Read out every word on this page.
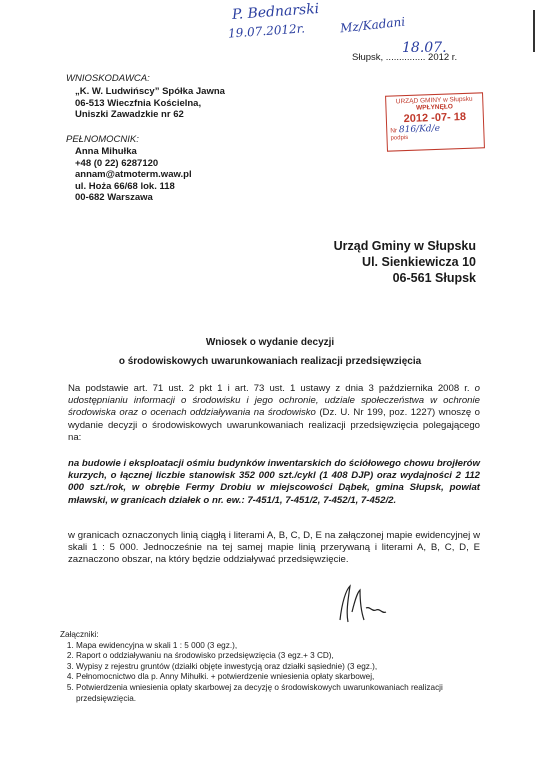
P. Bednarski
19.07.2012r.	Mz/Kadani
Słupsk, ............... 2012 r.
18.07.
WNIOSKODAWCA:
„K. W. Ludwińscy” Spółka Jawna
06-513 Wieczfnia Kościelna,
Uniszki Zawadzkie nr 62
PEŁNOMOCNIK:
Anna Mihułka
+48 (0 22) 6287120
annam@atmoterm.waw.pl
ul. Hoża 66/68 lok. 118
00-682 Warszawa
URZĄD GMINY w Słupsku
WPŁYNĘŁO
2012 -07- 18
Nr 816/Kd/e
podpis
Urząd Gminy w Słupsku
Ul. Sienkiewicza 10
06-561 Słupsk
Wniosek o wydanie decyzji
o środowiskowych uwarunkowaniach realizacji przedsięwzięcia
Na podstawie art. 71 ust. 2 pkt 1 i art. 73 ust. 1 ustawy z dnia 3 października 2008 r. o udostępnianiu informacji o środowisku i jego ochronie, udziale społeczeństwa w ochronie środowiska oraz o ocenach oddziaływania na środowisko (Dz. U. Nr 199, poz. 1227) wnoszę o wydanie decyzji o środowiskowych uwarunkowaniach realizacji przedsięwzięcia polegającego na:
na budowie i eksploatacji ośmiu budynków inwentarskich do ściółowego chowu brojłerów kurzych, o łącznej liczbie stanowisk 352 000 szt./cykl (1 408 DJP) oraz wydajności 2 112 000 szt./rok, w obrębie Fermy Drobiu w miejscowości Dąbek, gmina Słupsk, powiat mławski, w granicach działek o nr. ew.: 7-451/1, 7-451/2, 7-452/1, 7-452/2.
w granicach oznaczonych linią ciągłą i literami A, B, C, D, E na załączonej mapie ewidencyjnej w skali 1 : 5 000. Jednocześnie na tej samej mapie linią przerywaną i literami A, B, C, D, E zaznaczono obszar, na który będzie oddziaływać przedsięwzięcie.
Załączniki:
1. Mapa ewidencyjna w skali 1 : 5 000 (3 egz.),
2. Raport o oddziaływaniu na środowisko przedsięwzięcia (3 egz.+ 3 CD),
3. Wypisy z rejestru gruntów (działki objęte inwestycją oraz działki sąsiednie) (3 egz.),
4. Pełnomocnictwo dla p. Anny Mihułki. + potwierdzenie wniesienia opłaty skarbowej,
5. Potwierdzenia wniesienia opłaty skarbowej za decyzję o środowiskowych uwarunkowaniach realizacji przedsięwzięcia.
